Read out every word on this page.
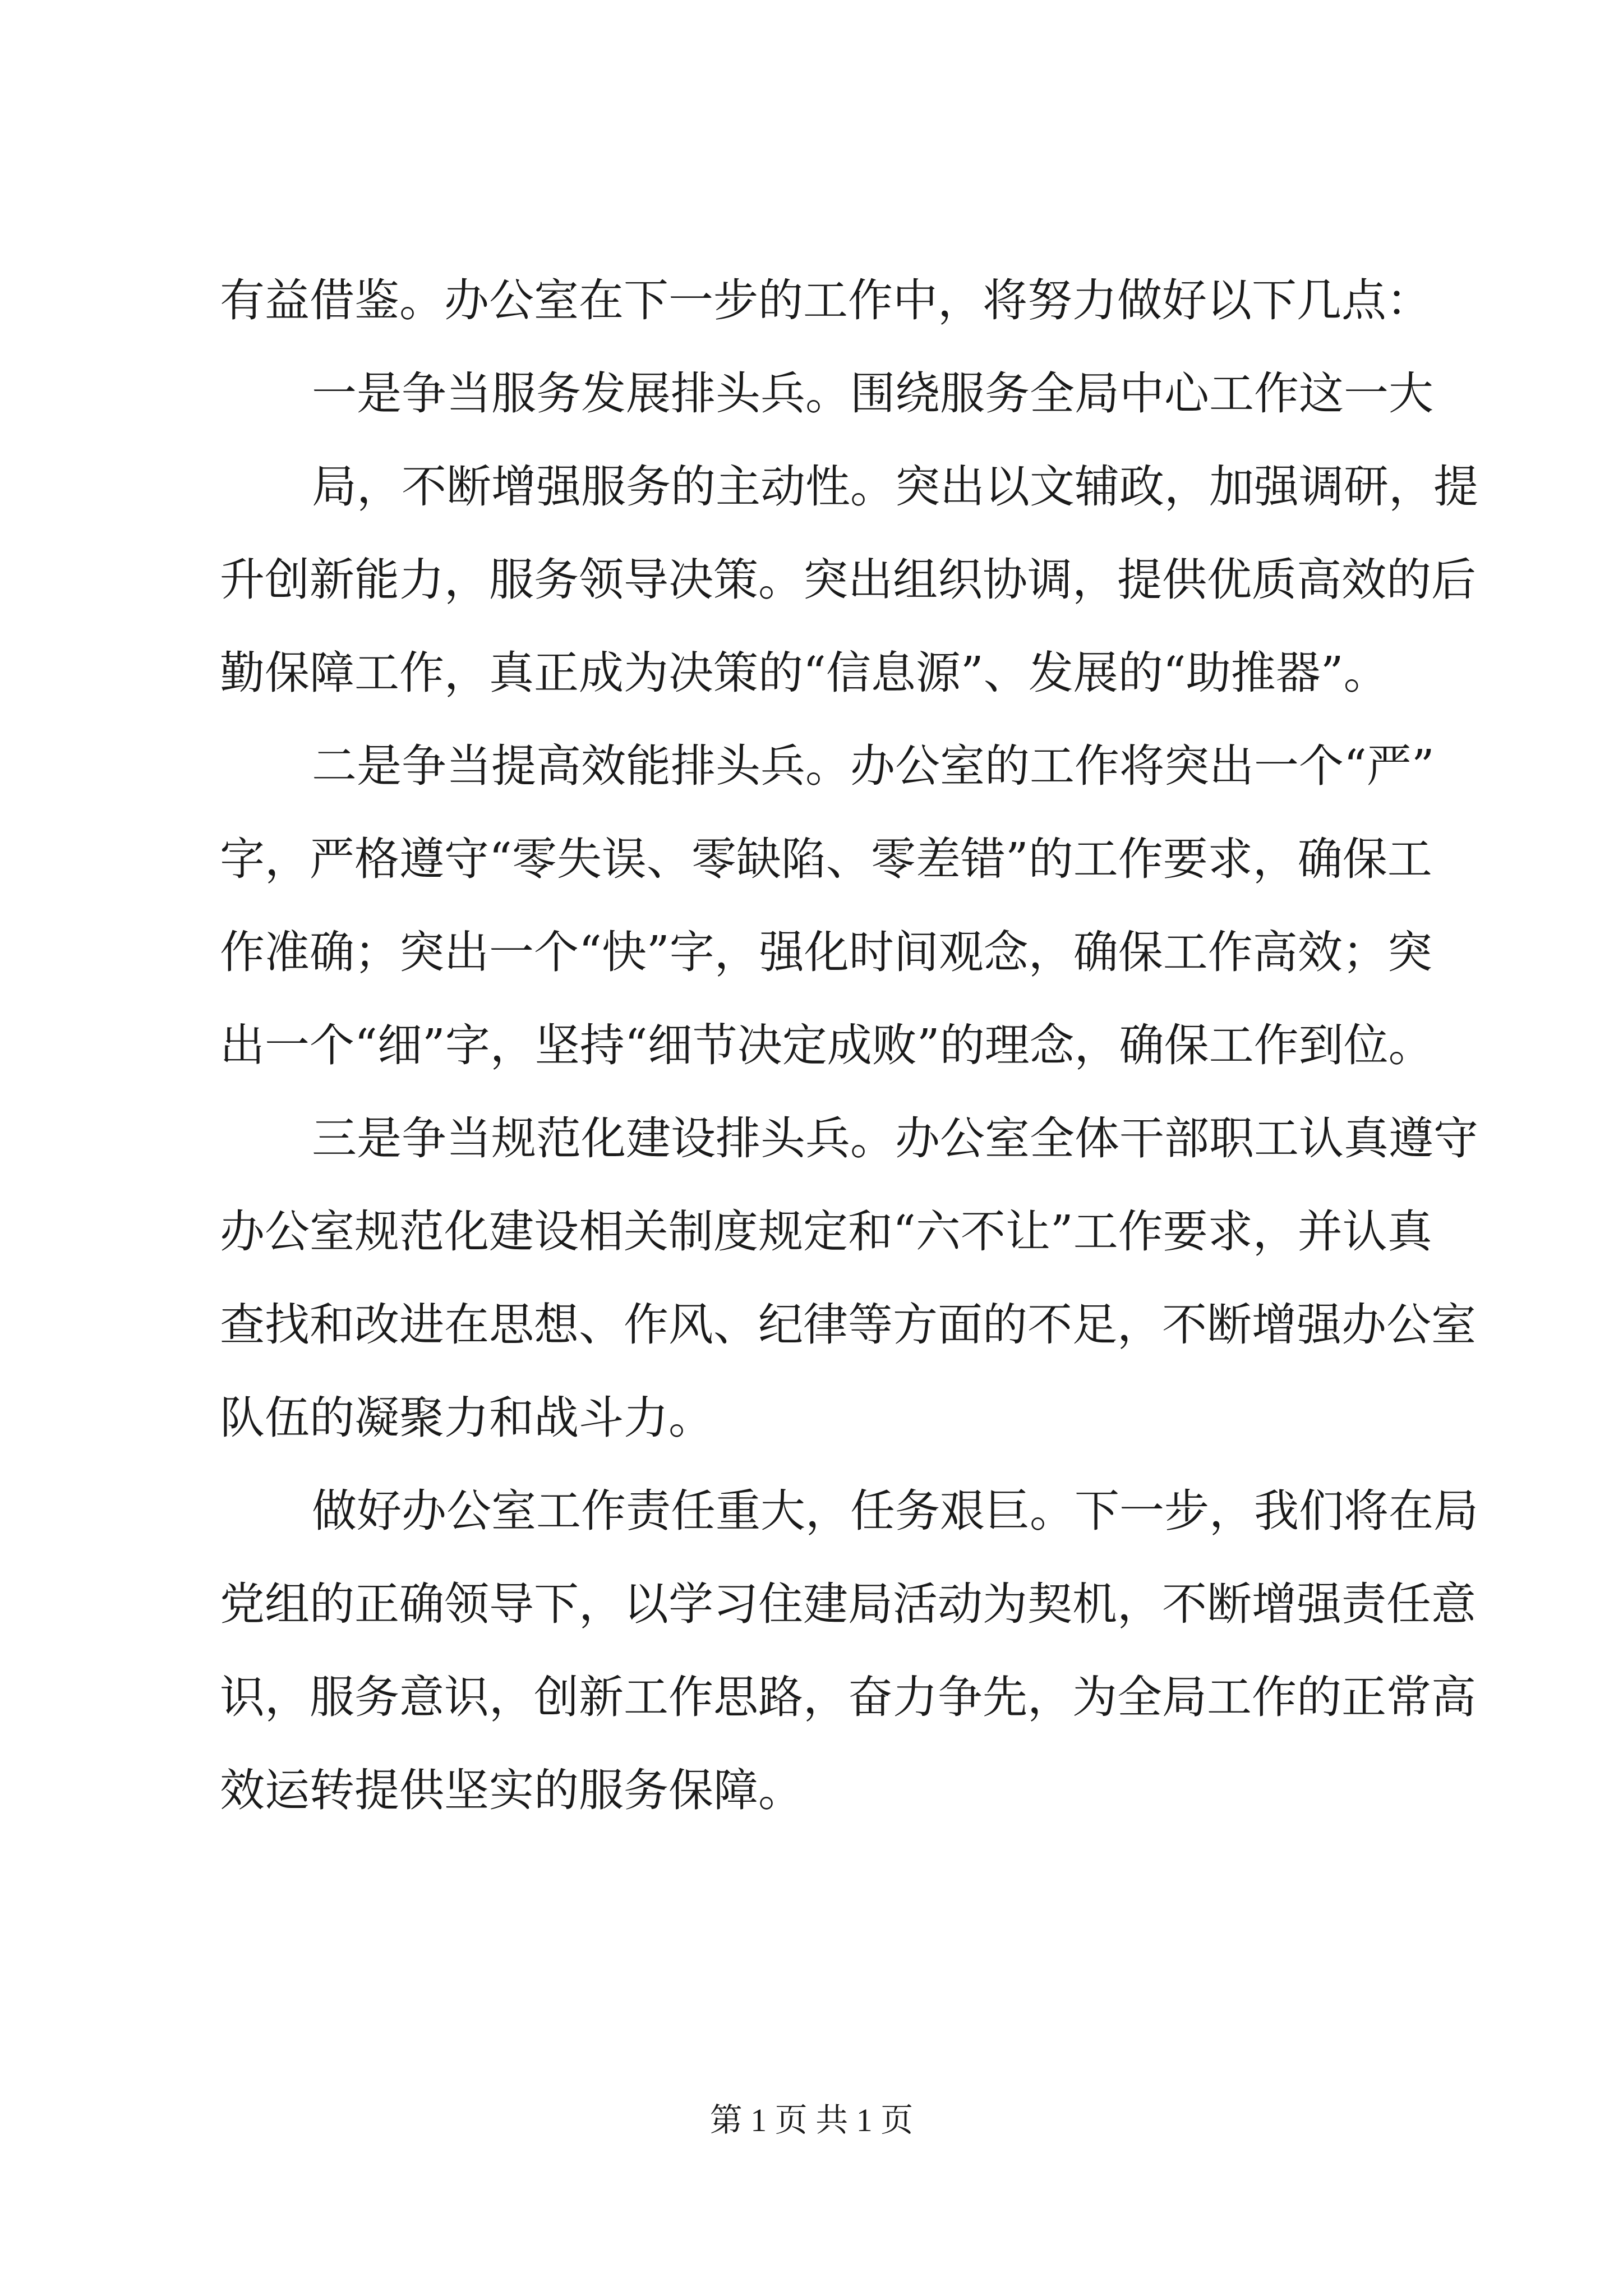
有益借鉴。办公室在下一步的工作中，将努力做好以下几点：
一是争当服务发展排头兵。围绕服务全局中心工作这一大
局，不断增强服务的主动性。突出以文辅政，加强调研，提
升创新能力，服务领导决策。突出组织协调，提供优质高效的后
勤保障工作，真正成为决策的“信息源”、发展的“助推器”。
二是争当提高效能排头兵。办公室的工作将突出一个“严”
字，严格遵守“零失误、零缺陷、零差错”的工作要求，确保工
作准确；突出一个“快”字，强化时间观念，确保工作高效；突
出一个“细”字，坚持“细节决定成败”的理念，确保工作到位。
三是争当规范化建设排头兵。办公室全体干部职工认真遵守
办公室规范化建设相关制度规定和“六不让”工作要求，并认真
查找和改进在思想、作风、纪律等方面的不足，不断增强办公室
队伍的凝聚力和战斗力。
做好办公室工作责任重大，任务艰巨。下一步，我们将在局
党组的正确领导下，以学习住建局活动为契机，不断增强责任意
识，服务意识，创新工作思路，奋力争先，为全局工作的正常高
效运转提供坚实的服务保障。
第 1 页 共 1 页
